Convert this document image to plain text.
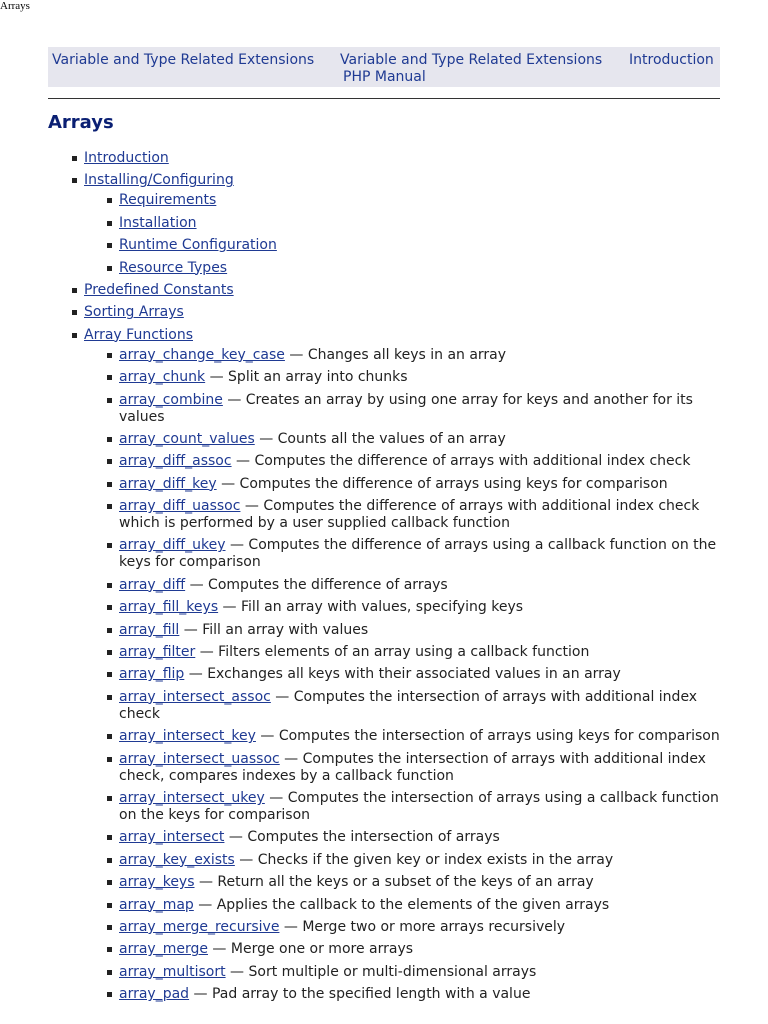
Arrays
Variable and Type Related Extensions Variable and Type Related Extensions
PHP Manual
Introduction
Arrays
Introduction
Installing/Configuring
Requirements
Installation
Runtime Configuration
Resource Types
Predefined Constants
Sorting Arrays
Array Functions
array_change_key_case — Changes all keys in an array
array_chunk — Split an array into chunks
array_combine — Creates an array by using one array for keys and another for its values
array_count_values — Counts all the values of an array
array_diff_assoc — Computes the difference of arrays with additional index check
array_diff_key — Computes the difference of arrays using keys for comparison
array_diff_uassoc — Computes the difference of arrays with additional index check which is performed by a user supplied callback function
array_diff_ukey — Computes the difference of arrays using a callback function on the keys for comparison
array_diff — Computes the difference of arrays
array_fill_keys — Fill an array with values, specifying keys
array_fill — Fill an array with values
array_filter — Filters elements of an array using a callback function
array_flip — Exchanges all keys with their associated values in an array
array_intersect_assoc — Computes the intersection of arrays with additional index check
array_intersect_key — Computes the intersection of arrays using keys for comparison
array_intersect_uassoc — Computes the intersection of arrays with additional index check, compares indexes by a callback function
array_intersect_ukey — Computes the intersection of arrays using a callback function on the keys for comparison
array_intersect — Computes the intersection of arrays
array_key_exists — Checks if the given key or index exists in the array
array_keys — Return all the keys or a subset of the keys of an array
array_map — Applies the callback to the elements of the given arrays
array_merge_recursive — Merge two or more arrays recursively
array_merge — Merge one or more arrays
array_multisort — Sort multiple or multi-dimensional arrays
array_pad — Pad array to the specified length with a value
